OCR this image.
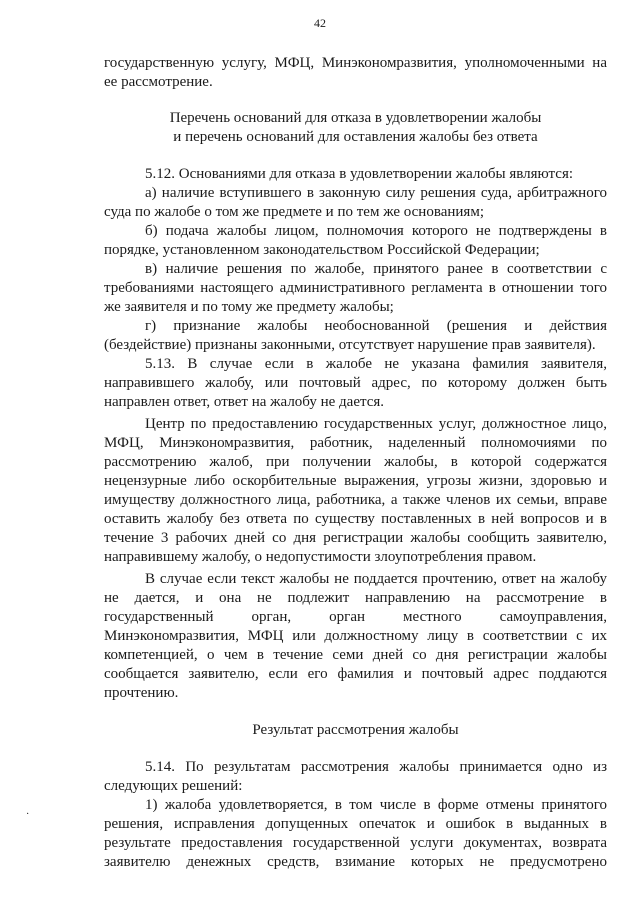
42
государственную услугу, МФЦ, Минэкономразвития, уполномоченными на
ее рассмотрение.
Перечень оснований для отказа в удовлетворении жалобы
и перечень оснований для оставления жалобы без ответа
5.12. Основаниями для отказа в удовлетворении жалобы являются:
а) наличие вступившего в законную силу решения суда, арбитражного
суда по жалобе о том же предмете и по тем же основаниям;
б) подача жалобы лицом, полномочия которого не подтверждены в
порядке, установленном законодательством Российской Федерации;
в) наличие решения по жалобе, принятого ранее в соответствии с
требованиями настоящего административного регламента в отношении того
же заявителя и по тому же предмету жалобы;
г) признание жалобы необоснованной (решения и действия
(бездействие) признаны законными, отсутствует нарушение прав заявителя).
5.13. В случае если в жалобе не указана фамилия заявителя,
направившего жалобу, или почтовый адрес, по которому должен быть
направлен ответ, ответ на жалобу не дается.
Центр по предоставлению государственных услуг, должностное лицо,
МФЦ, Минэкономразвития, работник, наделенный полномочиями по
рассмотрению жалоб, при получении жалобы, в которой содержатся
нецензурные либо оскорбительные выражения, угрозы жизни, здоровью и
имуществу должностного лица, работника, а также членов их семьи, вправе
оставить жалобу без ответа по существу поставленных в ней вопросов и в
течение 3 рабочих дней со дня регистрации жалобы сообщить заявителю,
направившему жалобу, о недопустимости злоупотребления правом.
В случае если текст жалобы не поддается прочтению, ответ на жалобу
не дается, и она не подлежит направлению на рассмотрение в
государственный орган, орган местного самоуправления,
Минэкономразвития, МФЦ или должностному лицу в соответствии с их
компетенцией, о чем в течение семи дней со дня регистрации жалобы
сообщается заявителю, если его фамилия и почтовый адрес поддаются
прочтению.
Результат рассмотрения жалобы
5.14. По результатам рассмотрения жалобы принимается одно из
следующих решений:
1) жалоба удовлетворяется, в том числе в форме отмены принятого
решения, исправления допущенных опечаток и ошибок в выданных в
результате предоставления государственной услуги документах, возврата
заявителю денежных средств, взимание которых не предусмотрено
·
